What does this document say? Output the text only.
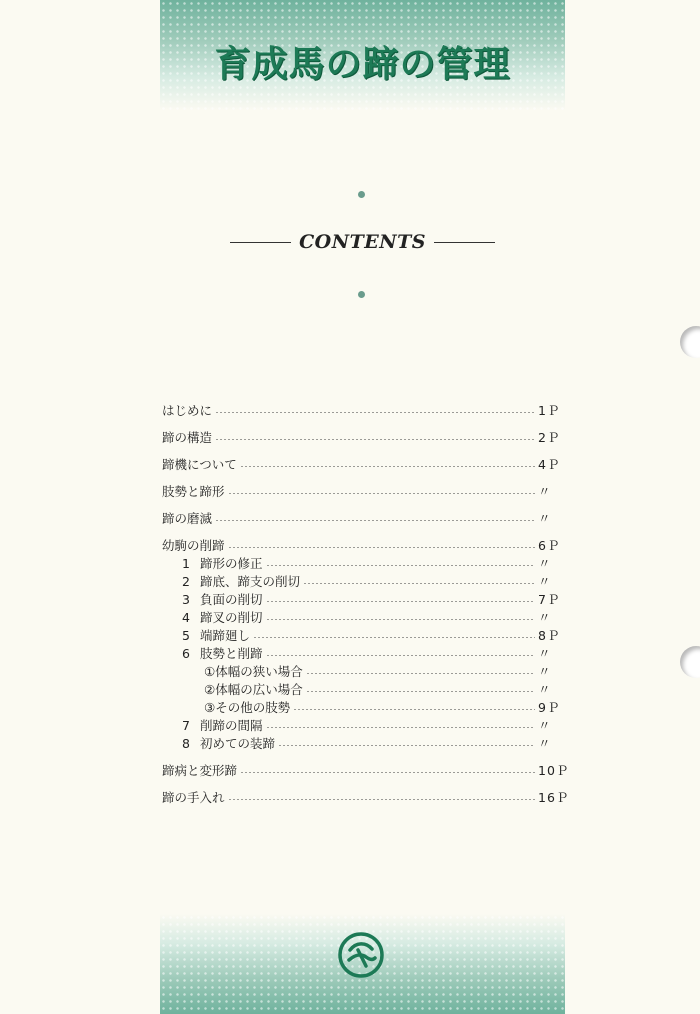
育成馬の蹄の管理
CONTENTS
はじめに	1Ｐ
蹄の構造	2Ｐ
蹄機について	4Ｐ
肢勢と蹄形	〃
蹄の磨滅	〃
幼駒の削蹄	6Ｐ
1 蹄形の修正	〃
2 蹄底、蹄支の削切	〃
3 負面の削切	7Ｐ
4 蹄叉の削切	〃
5 端蹄廻し	8Ｐ
6 肢勢と削蹄	〃
①体幅の狭い場合	〃
②体幅の広い場合	〃
③その他の肢勢	9Ｐ
7 削蹄の間隔	〃
8 初めての装蹄	〃
蹄病と変形蹄	10Ｐ
蹄の手入れ	16Ｐ
